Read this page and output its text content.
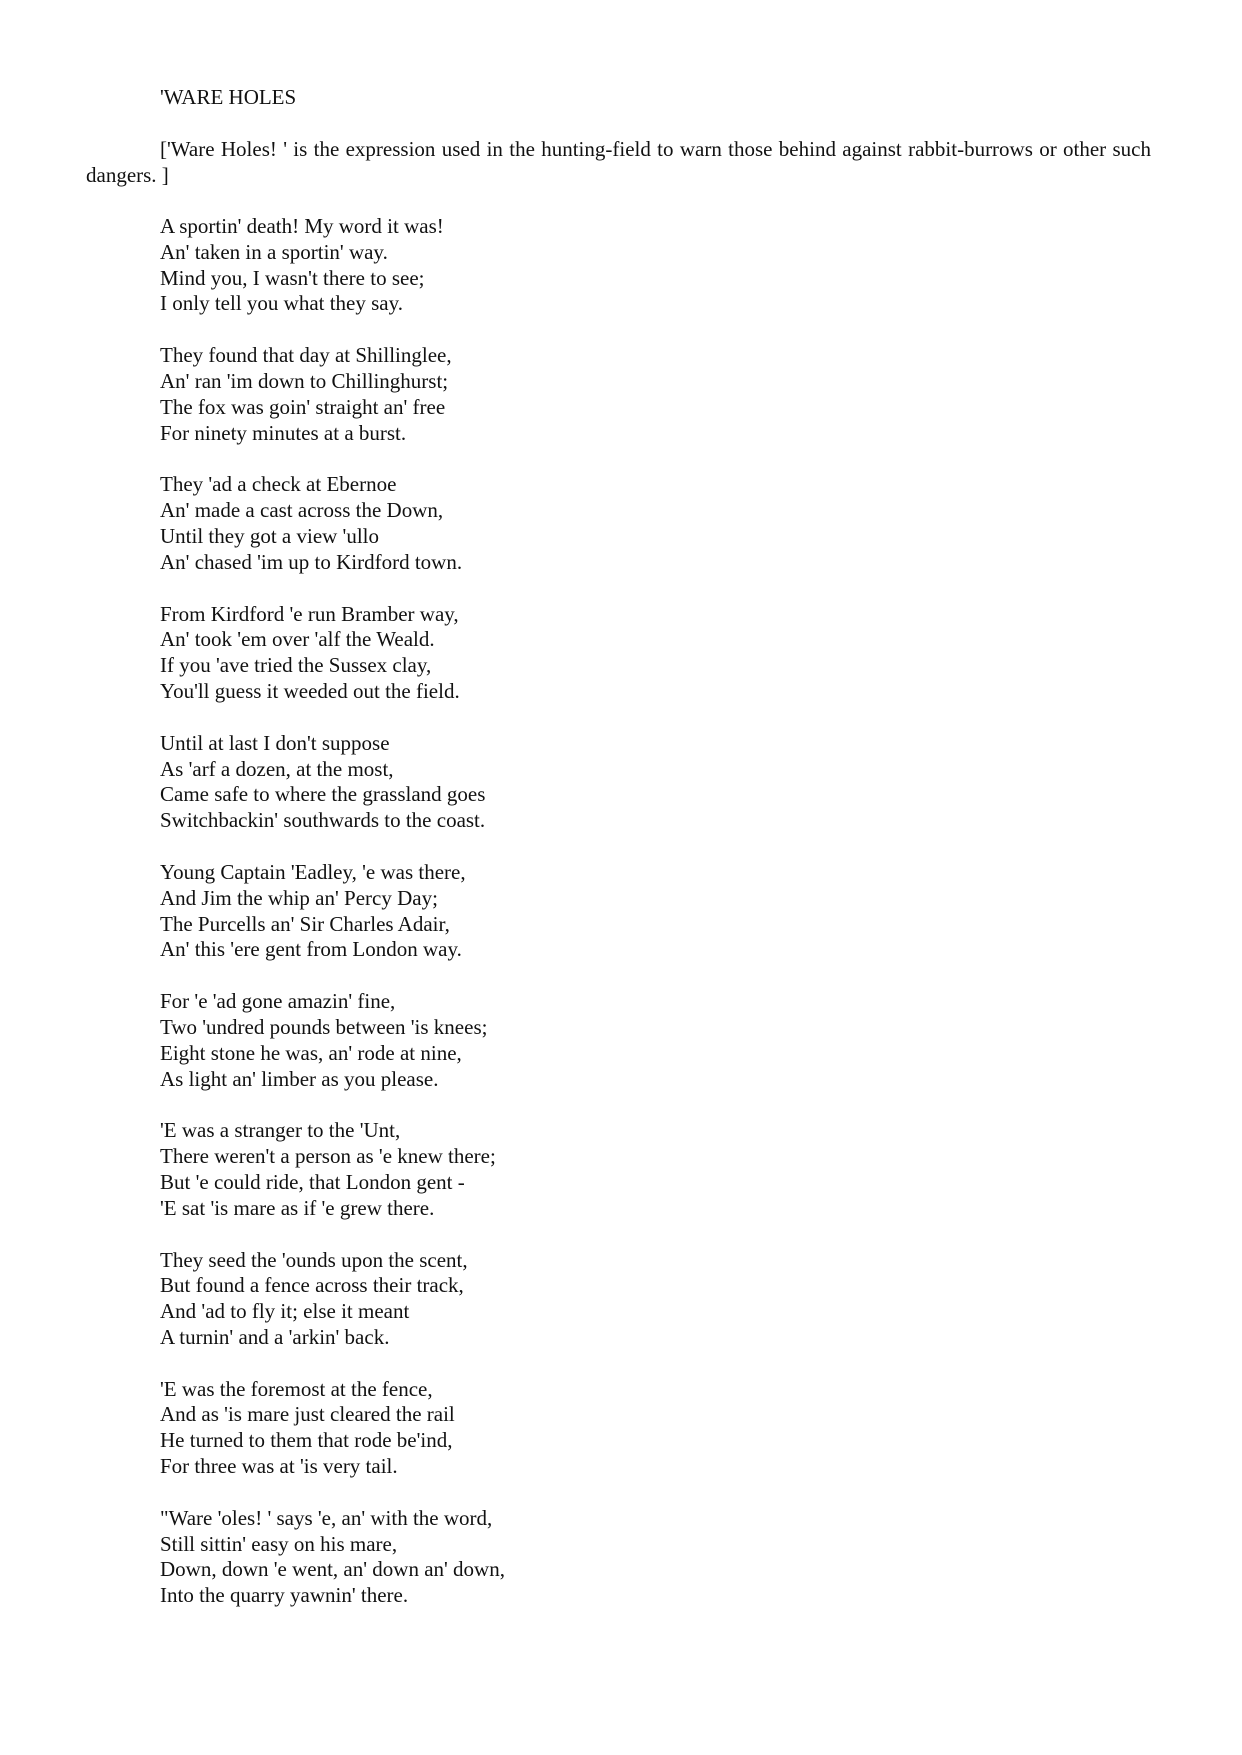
'WARE HOLES
['Ware Holes! ' is the expression used in the hunting-field to warn those behind against rabbit-burrows or other such dangers. ]
A sportin' death! My word it was!
An' taken in a sportin' way.
Mind you, I wasn't there to see;
I only tell you what they say.
They found that day at Shillinglee,
An' ran 'im down to Chillinghurst;
The fox was goin' straight an' free
For ninety minutes at a burst.
They 'ad a check at Ebernoe
An' made a cast across the Down,
Until they got a view 'ullo
An' chased 'im up to Kirdford town.
From Kirdford 'e run Bramber way,
An' took 'em over 'alf the Weald.
If you 'ave tried the Sussex clay,
You'll guess it weeded out the field.
Until at last I don't suppose
As 'arf a dozen, at the most,
Came safe to where the grassland goes
Switchbackin' southwards to the coast.
Young Captain 'Eadley, 'e was there,
And Jim the whip an' Percy Day;
The Purcells an' Sir Charles Adair,
An' this 'ere gent from London way.
For 'e 'ad gone amazin' fine,
Two 'undred pounds between 'is knees;
Eight stone he was, an' rode at nine,
As light an' limber as you please.
'E was a stranger to the 'Unt,
There weren't a person as 'e knew there;
But 'e could ride, that London gent -
'E sat 'is mare as if 'e grew there.
They seed the 'ounds upon the scent,
But found a fence across their track,
And 'ad to fly it; else it meant
A turnin' and a 'arkin' back.
'E was the foremost at the fence,
And as 'is mare just cleared the rail
He turned to them that rode be'ind,
For three was at 'is very tail.
"Ware 'oles! ' says 'e, an' with the word,
Still sittin' easy on his mare,
Down, down 'e went, an' down an' down,
Into the quarry yawnin' there.
